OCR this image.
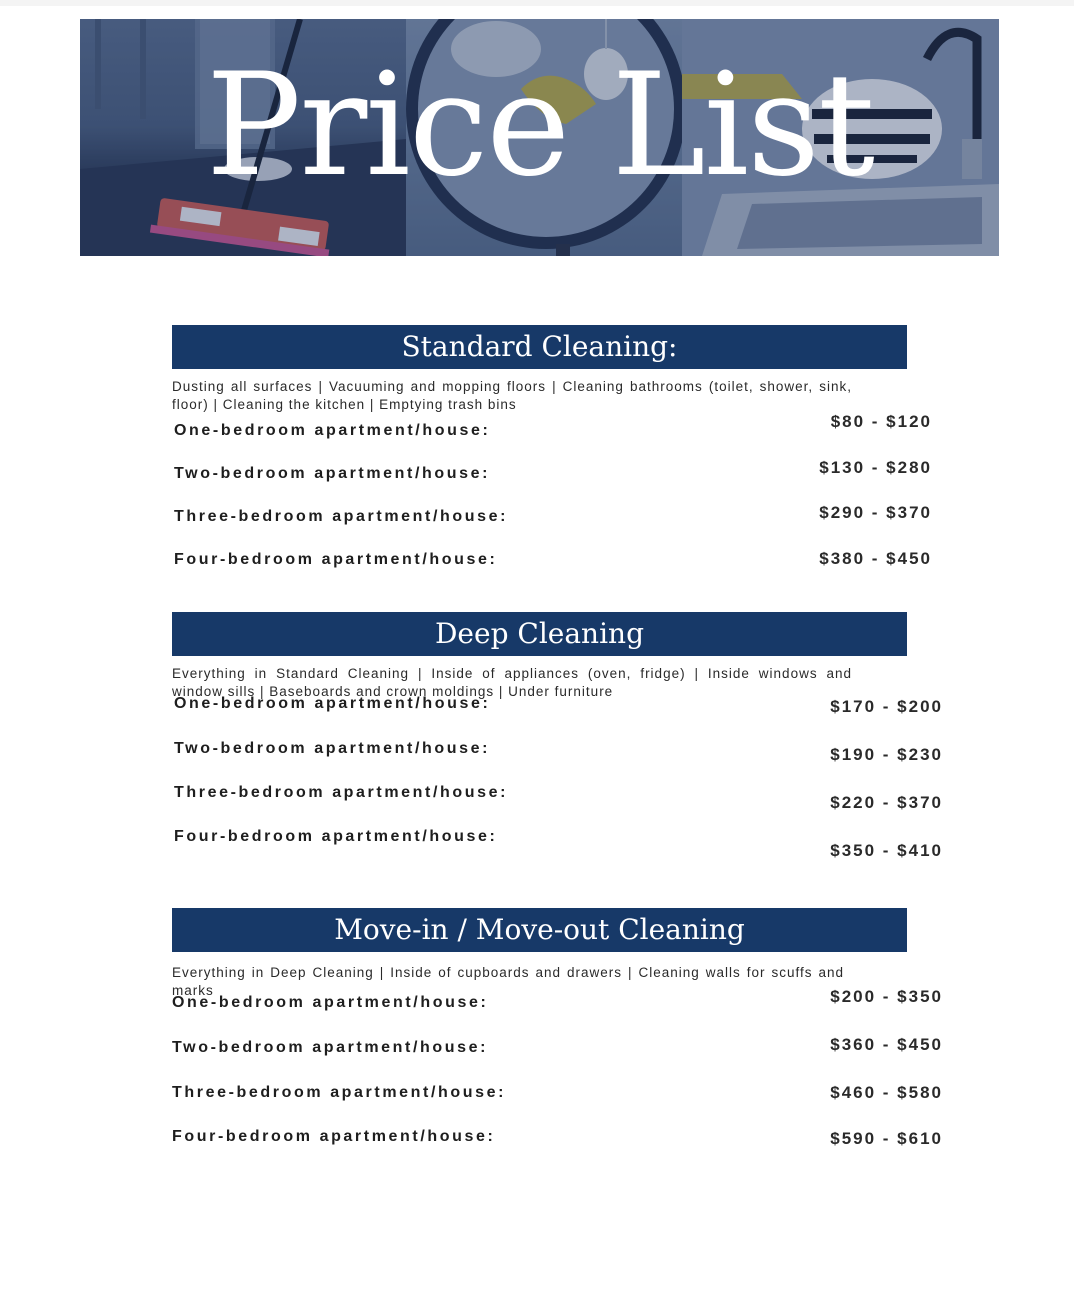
Price List
Standard Cleaning:

Dusting all surfaces | Vacuuming and mopping floors | Cleaning bathrooms (toilet, shower, sink, floor) | Cleaning the kitchen | Emptying trash bins

One-bedroom apartment/house:	$80 - $120
Two-bedroom apartment/house:	$130 - $280
Three-bedroom apartment/house:	$290 - $370
Four-bedroom apartment/house:	$380 - $450
Deep Cleaning

Everything in Standard Cleaning | Inside of appliances (oven, fridge) | Inside windows and window sills | Baseboards and crown moldings | Under furniture

One-bedroom apartment/house:	$170 - $200
Two-bedroom apartment/house:	$190 - $230
Three-bedroom apartment/house:
$220 - $370
Four-bedroom apartment/house:
$350 - $410
Move-in / Move-out Cleaning

Everything in Deep Cleaning | Inside of cupboards and drawers | Cleaning walls for scuffs and marks

One-bedroom apartment/house:	$200 - $350
Two-bedroom apartment/house:	$360 - $450
Three-bedroom apartment/house:	$460 - $580
Four-bedroom apartment/house:	$590 - $610
